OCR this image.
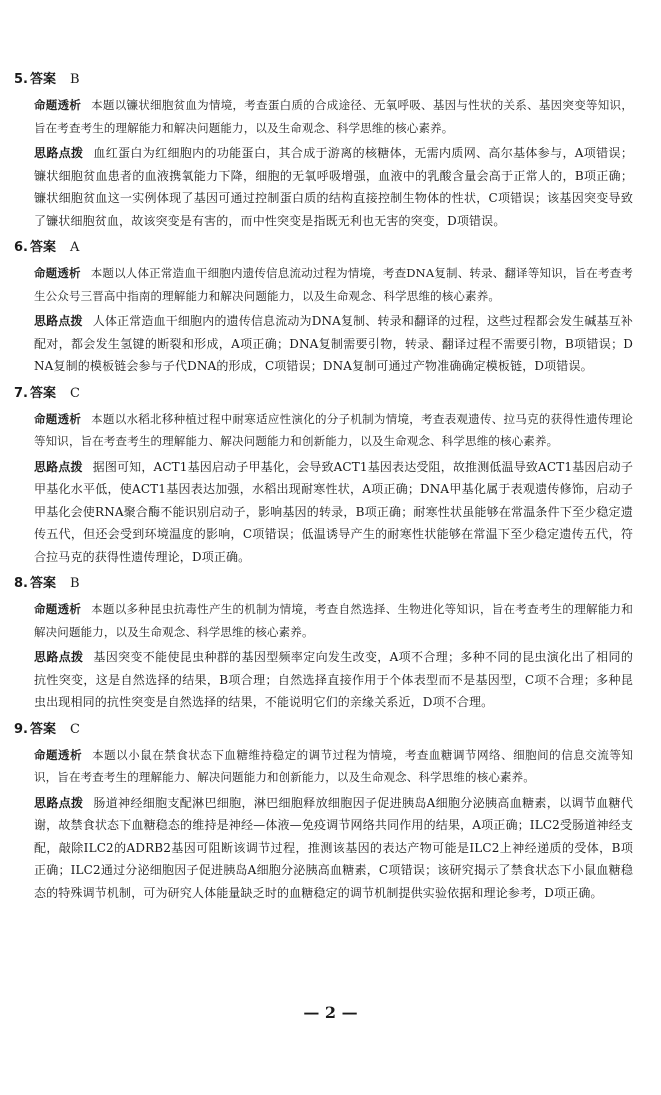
5. 答案 B

命题透析 本题以镰状细胞贫血为情境，考查蛋白质的合成途径、无氧呼吸、基因与性状的关系、基因突变等知识，旨在考查考生的理解能力和解决问题能力，以及生命观念、科学思维的核心素养。

思路点拨 血红蛋白为红细胞内的功能蛋白，其合成于游离的核糖体，无需内质网、高尔基体参与，A项错误；镰状细胞贫血患者的血液携氧能力下降，细胞的无氧呼吸增强，血液中的乳酸含量会高于正常人的，B项正确；镰状细胞贫血这一实例体现了基因可通过控制蛋白质的结构直接控制生物体的性状，C项错误；该基因突变导致了镰状细胞贫血，故该突变是有害的，而中性突变是指既无利也无害的突变，D项错误。

6. 答案 A

命题透析 本题以人体正常造血干细胞内遗传信息流动过程为情境，考查DNA复制、转录、翻译等知识，旨在考查考生公众号三晋高中指南的理解能力和解决问题能力，以及生命观念、科学思维的核心素养。

思路点拨 人体正常造血干细胞内的遗传信息流动为DNA复制、转录和翻译的过程，这些过程都会发生碱基互补配对，都会发生氢键的断裂和形成，A项正确；DNA复制需要引物，转录、翻译过程不需要引物，B项错误；DNA复制的模板链会参与子代DNA的形成，C项错误；DNA复制可通过产物准确确定模板链，D项错误。

7. 答案 C

命题透析 本题以水稻北移种植过程中耐寒适应性演化的分子机制为情境，考查表观遗传、拉马克的获得性遗传理论等知识，旨在考查考生的理解能力、解决问题能力和创新能力，以及生命观念、科学思维的核心素养。

思路点拨 据图可知，ACT1基因启动子甲基化，会导致ACT1基因表达受阻，故推测低温导致ACT1基因启动子甲基化水平低，使ACT1基因表达加强，水稻出现耐寒性状，A项正确；DNA甲基化属于表观遗传修饰，启动子甲基化会使RNA聚合酶不能识别启动子，影响基因的转录，B项正确；耐寒性状虽能够在常温条件下至少稳定遗传五代，但还会受到环境温度的影响，C项错误；低温诱导产生的耐寒性状能够在常温下至少稳定遗传五代，符合拉马克的获得性遗传理论，D项正确。

8. 答案 B

命题透析 本题以多种昆虫抗毒性产生的机制为情境，考查自然选择、生物进化等知识，旨在考查考生的理解能力和解决问题能力，以及生命观念、科学思维的核心素养。

思路点拨 基因突变不能使昆虫种群的基因型频率定向发生改变，A项不合理；多种不同的昆虫演化出了相同的抗性突变，这是自然选择的结果，B项合理；自然选择直接作用于个体表型而不是基因型，C项不合理；多种昆虫出现相同的抗性突变是自然选择的结果，不能说明它们的亲缘关系近，D项不合理。

9. 答案 C

命题透析 本题以小鼠在禁食状态下血糖维持稳定的调节过程为情境，考查血糖调节网络、细胞间的信息交流等知识，旨在考查考生的理解能力、解决问题能力和创新能力，以及生命观念、科学思维的核心素养。

思路点拨 肠道神经细胞支配淋巴细胞，淋巴细胞释放细胞因子促进胰岛A细胞分泌胰高血糖素，以调节血糖代谢，故禁食状态下血糖稳态的维持是神经—体液—免疫调节网络共同作用的结果，A项正确；ILC2受肠道神经支配，敲除ILC2的ADRB2基因可阻断该调节过程，推测该基因的表达产物可能是ILC2上神经递质的受体，B项正确；ILC2通过分泌细胞因子促进胰岛A细胞分泌胰高血糖素，C项错误；该研究揭示了禁食状态下小鼠血糖稳态的特殊调节机制，可为研究人体能量缺乏时的血糖稳定的调节机制提供实验依据和理论参考，D项正确。

— 2 —
